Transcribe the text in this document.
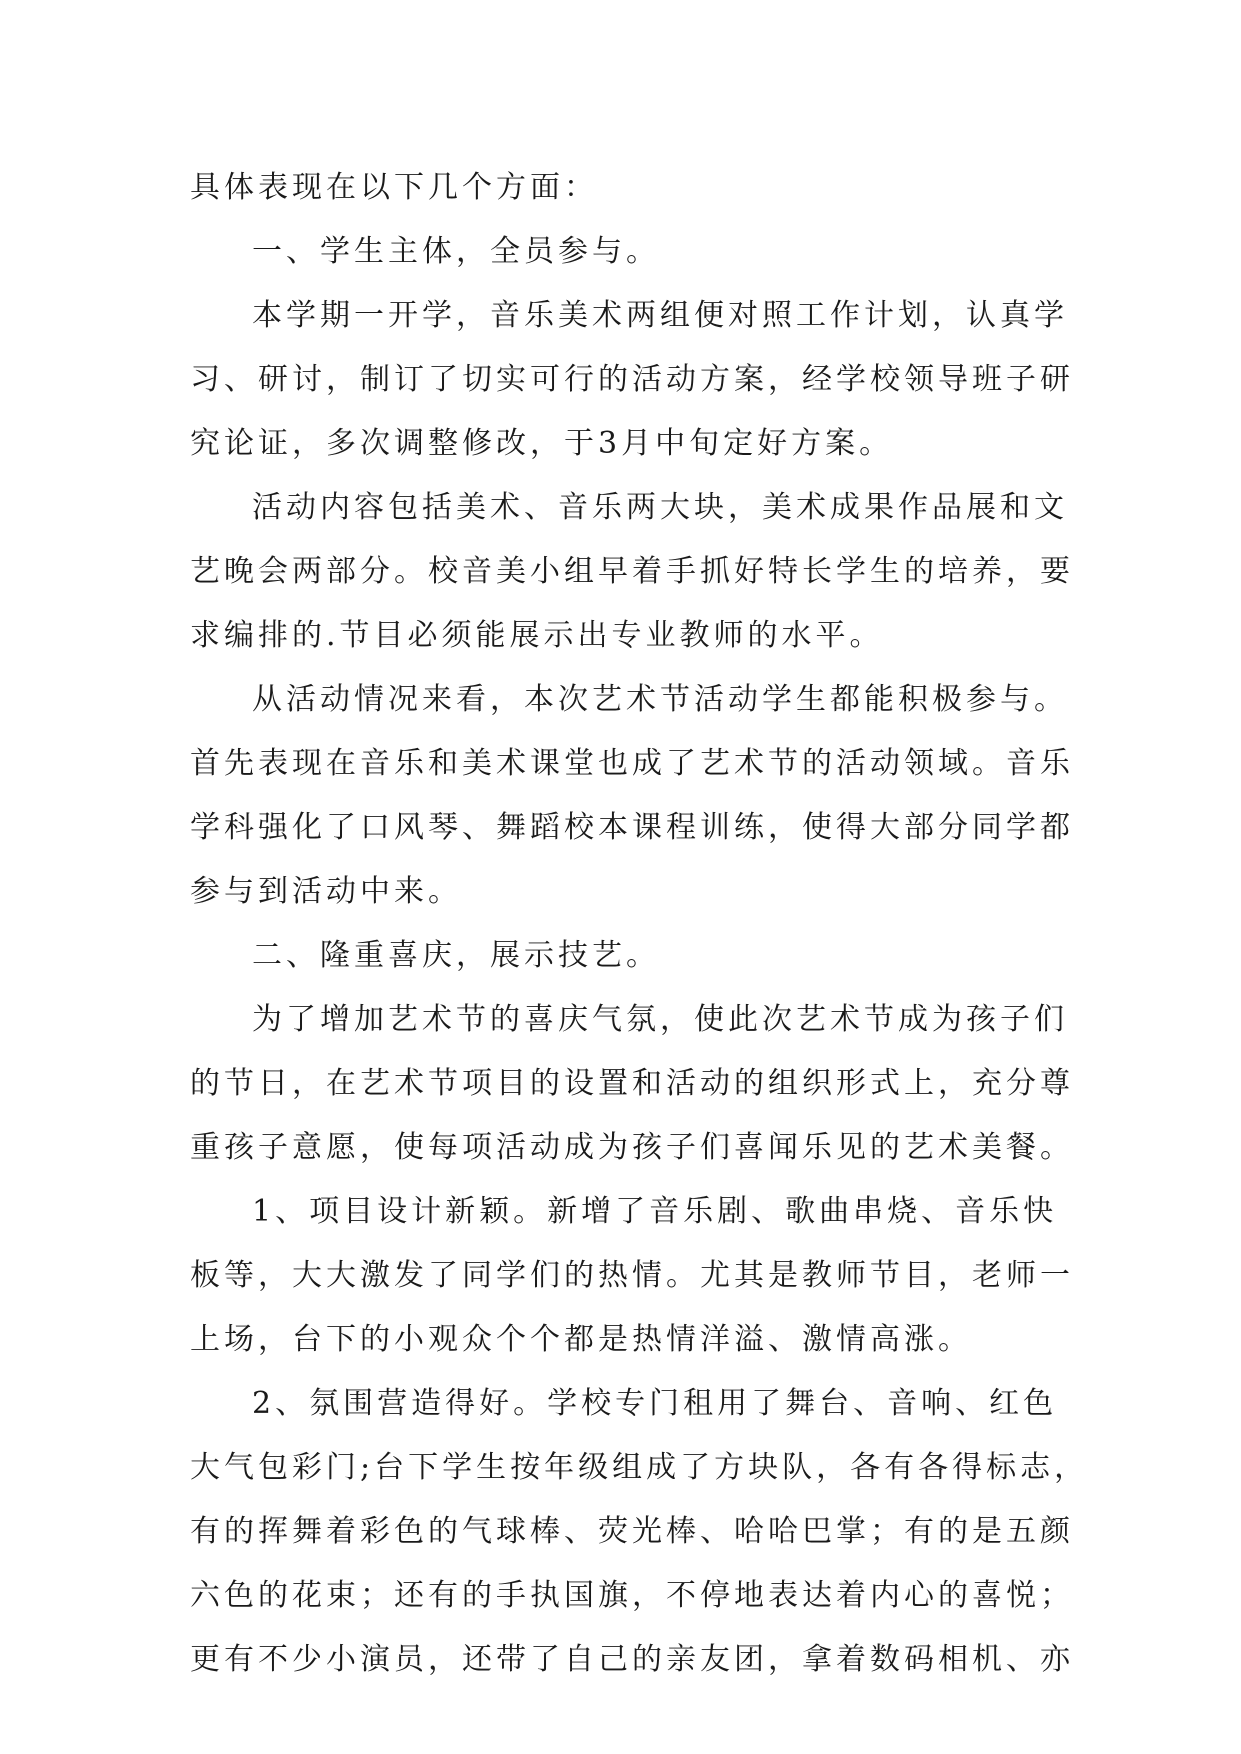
具体表现在以下几个方面：

一、学生主体，全员参与。

本学期一开学，音乐美术两组便对照工作计划，认真学

习、研讨，制订了切实可行的活动方案，经学校领导班子研

究论证，多次调整修改，于3月中旬定好方案。

活动内容包括美术、音乐两大块，美术成果作品展和文

艺晚会两部分。校音美小组早着手抓好特长学生的培养，要

求编排的.节目必须能展示出专业教师的水平。

从活动情况来看，本次艺术节活动学生都能积极参与。

首先表现在音乐和美术课堂也成了艺术节的活动领域。音乐

学科强化了口风琴、舞蹈校本课程训练，使得大部分同学都

参与到活动中来。

二、隆重喜庆，展示技艺。

为了增加艺术节的喜庆气氛，使此次艺术节成为孩子们

的节日，在艺术节项目的设置和活动的组织形式上，充分尊

重孩子意愿，使每项活动成为孩子们喜闻乐见的艺术美餐。

1、项目设计新颖。新增了音乐剧、歌曲串烧、音乐快

板等，大大激发了同学们的热情。尤其是教师节目，老师一

上场，台下的小观众个个都是热情洋溢、激情高涨。

2、氛围营造得好。学校专门租用了舞台、音响、红色

大气包彩门;台下学生按年级组成了方块队，各有各得标志，

有的挥舞着彩色的气球棒、荧光棒、哈哈巴掌；有的是五颜

六色的花束；还有的手执国旗，不停地表达着内心的喜悦；

更有不少小演员，还带了自己的亲友团，拿着数码相机、亦
